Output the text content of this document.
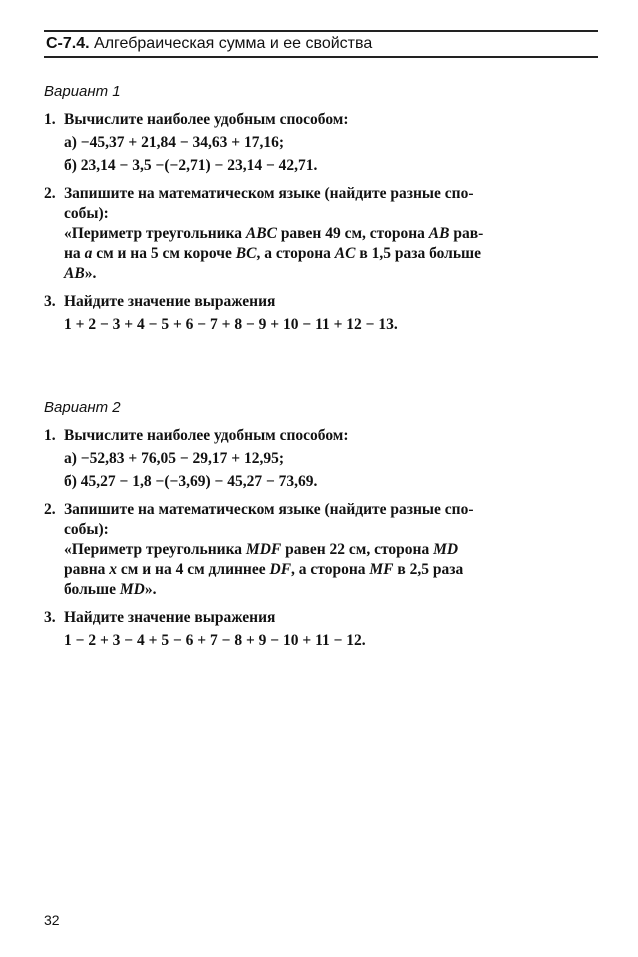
С-7.4. Алгебраическая сумма и ее свойства
Вариант 1
1. Вычислите наиболее удобным способом:
а) −45,37 + 21,84 − 34,63 + 17,16;
б) 23,14 − 3,5 −(−2,71) − 23,14 − 42,71.
2. Запишите на математическом языке (найдите разные спо-
собы):
«Периметр треугольника ABC равен 49 см, сторона AB рав-
на a см и на 5 см короче BC, а сторона AC в 1,5 раза больше
AB».
3. Найдите значение выражения
1 + 2 − 3 + 4 − 5 + 6 − 7 + 8 − 9 + 10 − 11 + 12 − 13.
Вариант 2
1. Вычислите наиболее удобным способом:
а) −52,83 + 76,05 − 29,17 + 12,95;
б) 45,27 − 1,8 −(−3,69) − 45,27 − 73,69.
2. Запишите на математическом языке (найдите разные спо-
собы):
«Периметр треугольника MDF равен 22 см, сторона MD
равна x см и на 4 см длиннее DF, а сторона MF в 2,5 раза
больше MD».
3. Найдите значение выражения
1 − 2 + 3 − 4 + 5 − 6 + 7 − 8 + 9 − 10 + 11 − 12.
32
